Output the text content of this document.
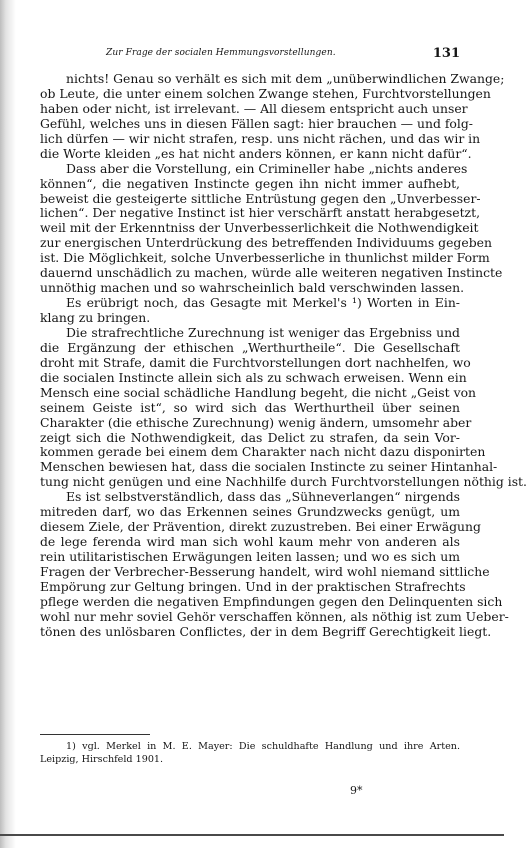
Zur Frage der socialen Hemmungsvorstellungen.	131
nichts! Genau so verhält es sich mit dem „unüberwindlichen Zwange;
ob Leute, die unter einem solchen Zwange stehen, Furchtvorstellungen
haben oder nicht, ist irrelevant. — All diesem entspricht auch unser
Gefühl, welches uns in diesen Fällen sagt: hier brauchen — und folg-
lich dürfen — wir nicht strafen, resp. uns nicht rächen, und das wir in
die Worte kleiden „es hat nicht anders können, er kann nicht dafür“.
Dass aber die Vorstellung, ein Crimineller habe „nichts anderes
können“, die negativen Instincte gegen ihn nicht immer aufhebt,
beweist die gesteigerte sittliche Entrüstung gegen den „Unverbesser-
lichen“. Der negative Instinct ist hier verschärft anstatt herabgesetzt,
weil mit der Erkenntniss der Unverbesserlichkeit die Nothwendigkeit
zur energischen Unterdrückung des betreffenden Individuums gegeben
ist. Die Möglichkeit, solche Unverbesserliche in thunlichst milder Form
dauernd unschädlich zu machen, würde alle weiteren negativen Instincte
unnöthig machen und so wahrscheinlich bald verschwinden lassen.
Es erübrigt noch, das Gesagte mit Merkel's ¹) Worten in Ein-
klang zu bringen.
Die strafrechtliche Zurechnung ist weniger das Ergebniss und
die Ergänzung der ethischen „Werthurtheile“. Die Gesellschaft
droht mit Strafe, damit die Furchtvorstellungen dort nachhelfen, wo
die socialen Instincte allein sich als zu schwach erweisen. Wenn ein
Mensch eine social schädliche Handlung begeht, die nicht „Geist von
seinem Geiste ist“, so wird sich das Werthurtheil über seinen
Charakter (die ethische Zurechnung) wenig ändern, umsomehr aber
zeigt sich die Nothwendigkeit, das Delict zu strafen, da sein Vor-
kommen gerade bei einem dem Charakter nach nicht dazu disponirten
Menschen bewiesen hat, dass die socialen Instincte zu seiner Hintanhal-
tung nicht genügen und eine Nachhilfe durch Furchtvorstellungen nöthig ist.
Es ist selbstverständlich, dass das „Sühneverlangen“ nirgends
mitreden darf, wo das Erkennen seines Grundzwecks genügt, um
diesem Ziele, der Prävention, direkt zuzustreben. Bei einer Erwägung
de lege ferenda wird man sich wohl kaum mehr von anderen als
rein utilitaristischen Erwägungen leiten lassen; und wo es sich um
Fragen der Verbrecher-Besserung handelt, wird wohl niemand sittliche
Empörung zur Geltung bringen. Und in der praktischen Strafrechts
pflege werden die negativen Empfindungen gegen den Delinquenten sich
wohl nur mehr soviel Gehör verschaffen können, als nöthig ist zum Ueber-
tönen des unlösbaren Conflictes, der in dem Begriff Gerechtigkeit liegt.
1) vgl. Merkel in M. E. Mayer: Die schuldhafte Handlung und ihre Arten.
Leipzig, Hirschfeld 1901.
9*
